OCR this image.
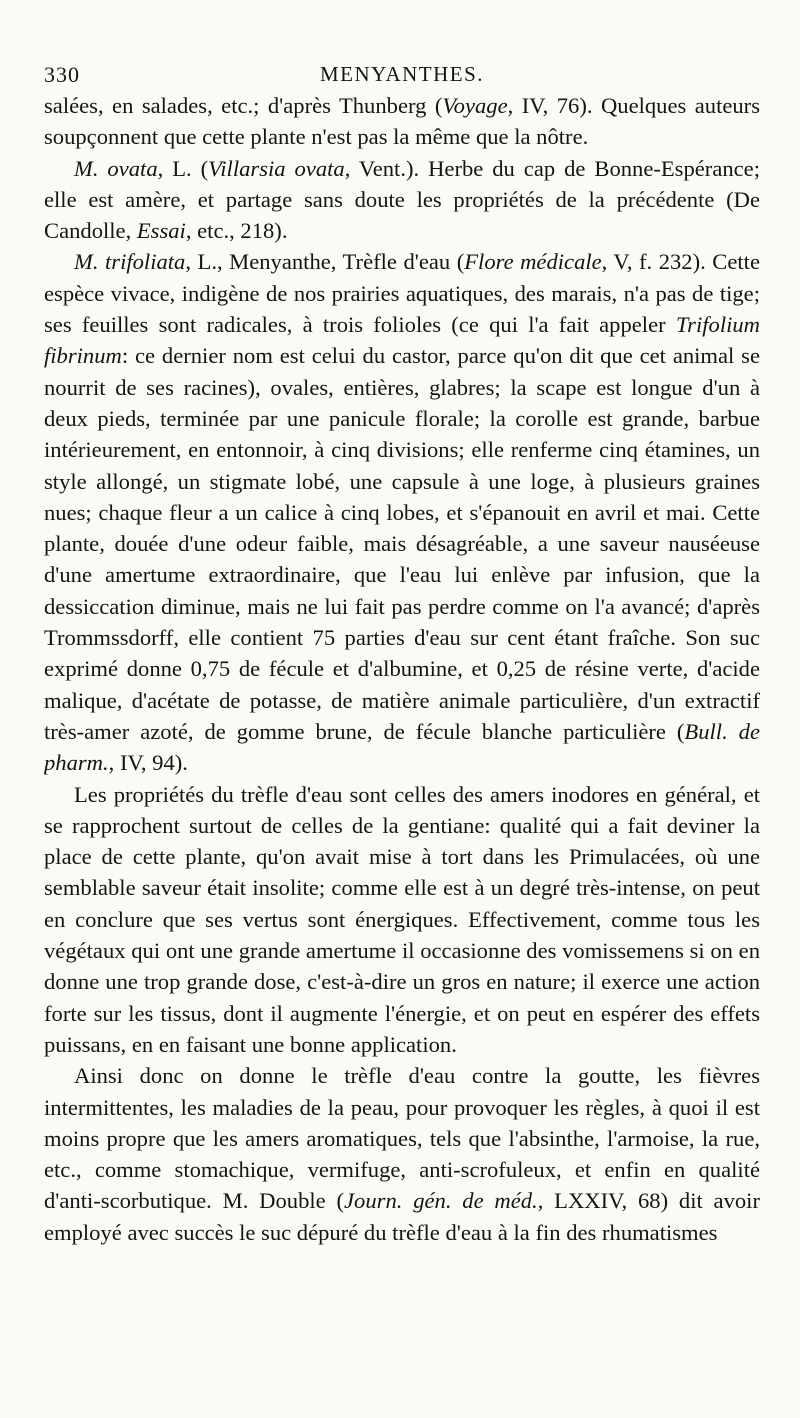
330	MENYANTHES.

salées, en salades, etc.; d'après Thunberg (Voyage, IV, 76). Quelques auteurs soupçonnent que cette plante n'est pas la même que la nôtre.

M. ovata, L. (Villarsia ovata, Vent.). Herbe du cap de Bonne-Espérance; elle est amère, et partage sans doute les propriétés de la précédente (De Candolle, Essai, etc., 218).

M. trifoliata, L., Menyanthe, Trèfle d'eau (Flore médicale, V, f. 232). Cette espèce vivace, indigène de nos prairies aquatiques, des marais, n'a pas de tige; ses feuilles sont radicales, à trois folioles (ce qui l'a fait appeler Trifolium fibrinum: ce dernier nom est celui du castor, parce qu'on dit que cet animal se nourrit de ses racines), ovales, entières, glabres; la scape est longue d'un à deux pieds, terminée par une panicule florale; la corolle est grande, barbue intérieurement, en entonnoir, à cinq divisions; elle renferme cinq étamines, un style allongé, un stigmate lobé, une capsule à une loge, à plusieurs graines nues; chaque fleur a un calice à cinq lobes, et s'épanouit en avril et mai. Cette plante, douée d'une odeur faible, mais désagréable, a une saveur nauséeuse d'une amertume extraordinaire, que l'eau lui enlève par infusion, que la dessiccation diminue, mais ne lui fait pas perdre comme on l'a avancé; d'après Trommssdorff, elle contient 75 parties d'eau sur cent étant fraîche. Son suc exprimé donne 0,75 de fécule et d'albumine, et 0,25 de résine verte, d'acide malique, d'acétate de potasse, de matière animale particulière, d'un extractif très-amer azoté, de gomme brune, de fécule blanche particulière (Bull. de pharm., IV, 94).

Les propriétés du trèfle d'eau sont celles des amers inodores en général, et se rapprochent surtout de celles de la gentiane: qualité qui a fait deviner la place de cette plante, qu'on avait mise à tort dans les Primulacées, où une semblable saveur était insolite; comme elle est à un degré très-intense, on peut en conclure que ses vertus sont énergiques. Effectivement, comme tous les végétaux qui ont une grande amertume il occasionne des vomissemens si on en donne une trop grande dose, c'est-à-dire un gros en nature; il exerce une action forte sur les tissus, dont il augmente l'énergie, et on peut en espérer des effets puissans, en en faisant une bonne application.

Ainsi donc on donne le trèfle d'eau contre la goutte, les fièvres intermittentes, les maladies de la peau, pour provoquer les règles, à quoi il est moins propre que les amers aromatiques, tels que l'absinthe, l'armoise, la rue, etc., comme stomachique, vermifuge, anti-scrofuleux, et enfin en qualité d'anti-scorbutique. M. Double (Journ. gén. de méd., LXXIV, 68) dit avoir employé avec succès le suc dépuré du trèfle d'eau à la fin des rhumatismes
